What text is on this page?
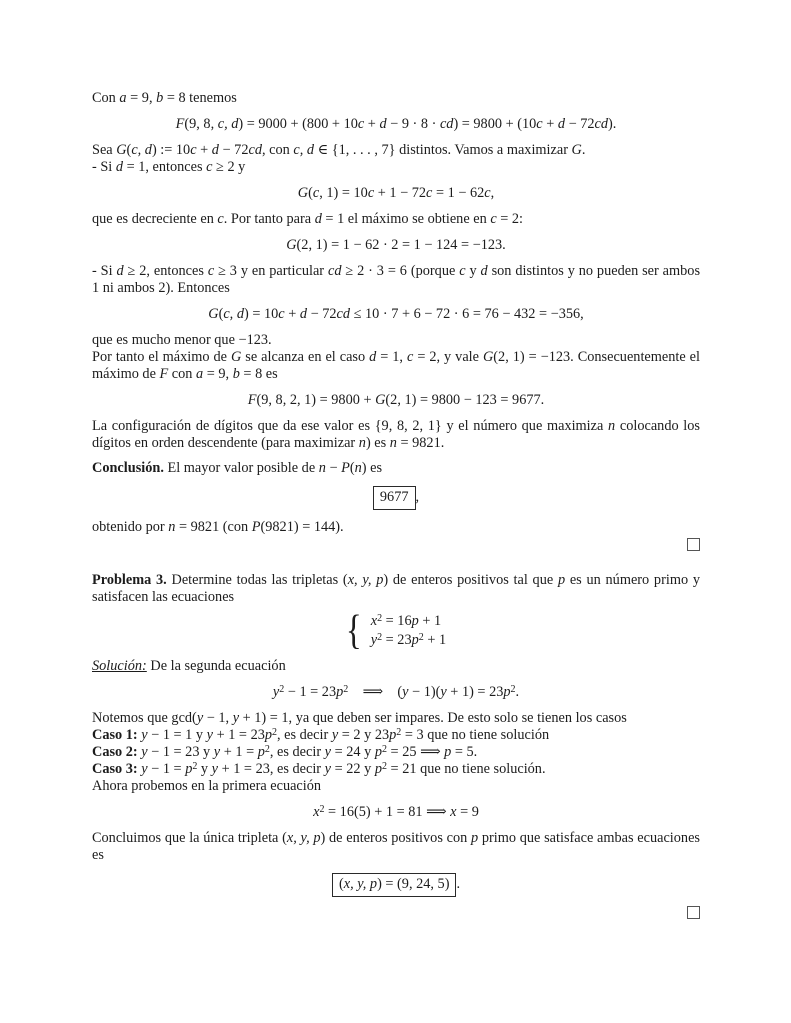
Con a = 9, b = 8 tenemos
F(9, 8, c, d) = 9000 + (800 + 10c + d − 9 · 8 · cd) = 9800 + (10c + d − 72cd).
Sea G(c, d) := 10c + d − 72cd, con c, d ∈ {1, . . . , 7} distintos. Vamos a maximizar G.
- Si d = 1, entonces c ≥ 2 y
G(c, 1) = 10c + 1 − 72c = 1 − 62c,
que es decreciente en c. Por tanto para d = 1 el máximo se obtiene en c = 2:
G(2, 1) = 1 − 62 · 2 = 1 − 124 = −123.
- Si d ≥ 2, entonces c ≥ 3 y en particular cd ≥ 2 · 3 = 6 (porque c y d son distintos y no pueden ser ambos 1 ni ambos 2). Entonces
G(c, d) = 10c + d − 72cd ≤ 10 · 7 + 6 − 72 · 6 = 76 − 432 = −356,
que es mucho menor que −123.
Por tanto el máximo de G se alcanza en el caso d = 1, c = 2, y vale G(2, 1) = −123. Consecuentemente el máximo de F con a = 9, b = 8 es
F(9, 8, 2, 1) = 9800 + G(2, 1) = 9800 − 123 = 9677.
La configuración de dígitos que da ese valor es {9, 8, 2, 1} y el número que maximiza n colocando los dígitos en orden descendente (para maximizar n) es n = 9821.
Conclusión. El mayor valor posible de n − P(n) es
9677 ,
obtenido por n = 9821 (con P(9821) = 144).
Problema 3. Determine todas las tripletas (x, y, p) de enteros positivos tal que p es un número primo y satisfacen las ecuaciones
{ $x^2 = 16p + 1$
$y^2 = 23p^2 + 1$
Solución: De la segunda ecuación
$y^2 - 1 = 23p^2$ ⟹ $(y - 1)(y + 1) = 23p^2$.
Notemos que gcd(y − 1, y + 1) = 1, ya que deben ser impares. De esto solo se tienen los casos
Caso 1: y − 1 = 1 y $y + 1 = 23p^2$, es decir y = 2 y $23p^2 = 3$ que no tiene solución
Caso 2: y − 1 = 23 y $y + 1 = p^2$, es decir y = 24 y $p^2 = 25$ ⟹ p = 5.
Caso 3: $y - 1 = p^2$ y y + 1 = 23, es decir y = 22 y $p^2 = 21$ que no tiene solución.
Ahora probemos en la primera ecuación
$x^2 = 16(5) + 1 = 81$ ⟹ x = 9
Concluimos que la única tripleta (x, y, p) de enteros positivos con p primo que satisface ambas ecuaciones es
(x, y, p) = (9, 24, 5) .
